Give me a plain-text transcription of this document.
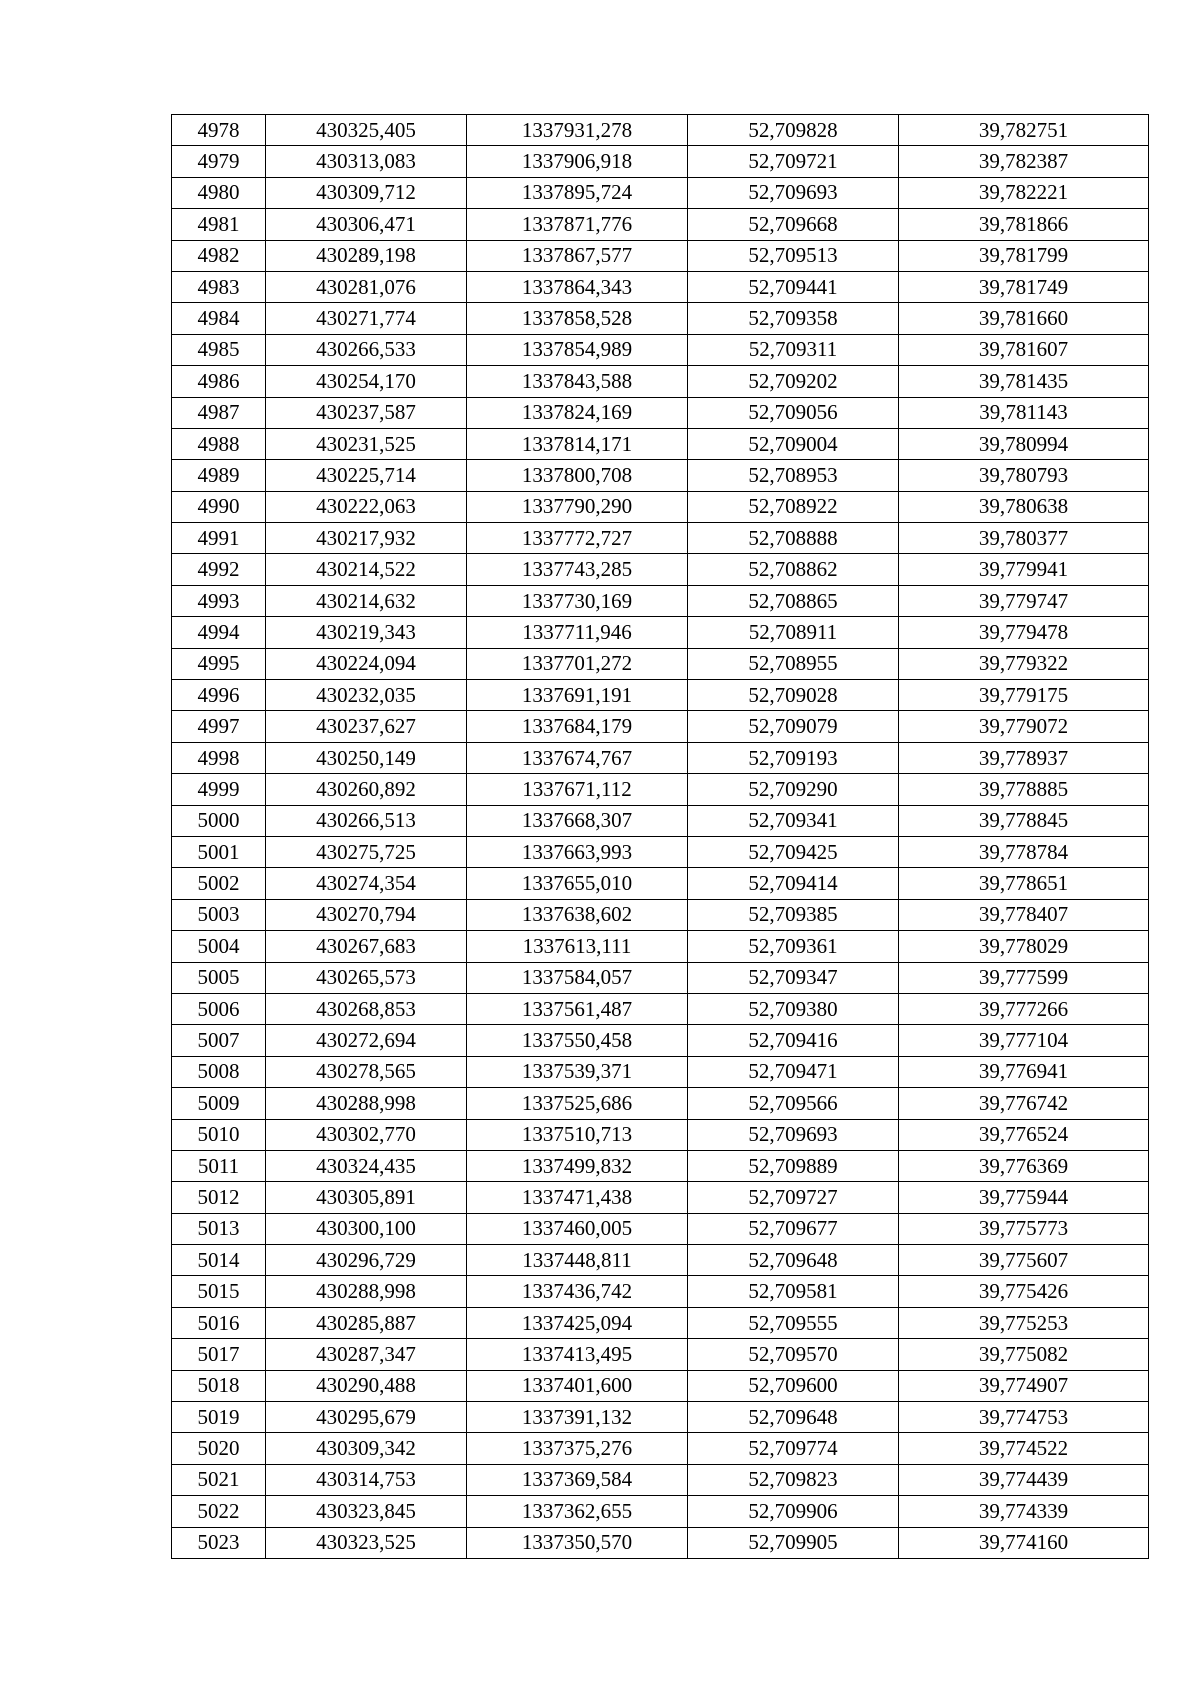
4978	430325,405	1337931,278	52,709828	39,782751
4979	430313,083	1337906,918	52,709721	39,782387
4980	430309,712	1337895,724	52,709693	39,782221
4981	430306,471	1337871,776	52,709668	39,781866
4982	430289,198	1337867,577	52,709513	39,781799
4983	430281,076	1337864,343	52,709441	39,781749
4984	430271,774	1337858,528	52,709358	39,781660
4985	430266,533	1337854,989	52,709311	39,781607
4986	430254,170	1337843,588	52,709202	39,781435
4987	430237,587	1337824,169	52,709056	39,781143
4988	430231,525	1337814,171	52,709004	39,780994
4989	430225,714	1337800,708	52,708953	39,780793
4990	430222,063	1337790,290	52,708922	39,780638
4991	430217,932	1337772,727	52,708888	39,780377
4992	430214,522	1337743,285	52,708862	39,779941
4993	430214,632	1337730,169	52,708865	39,779747
4994	430219,343	1337711,946	52,708911	39,779478
4995	430224,094	1337701,272	52,708955	39,779322
4996	430232,035	1337691,191	52,709028	39,779175
4997	430237,627	1337684,179	52,709079	39,779072
4998	430250,149	1337674,767	52,709193	39,778937
4999	430260,892	1337671,112	52,709290	39,778885
5000	430266,513	1337668,307	52,709341	39,778845
5001	430275,725	1337663,993	52,709425	39,778784
5002	430274,354	1337655,010	52,709414	39,778651
5003	430270,794	1337638,602	52,709385	39,778407
5004	430267,683	1337613,111	52,709361	39,778029
5005	430265,573	1337584,057	52,709347	39,777599
5006	430268,853	1337561,487	52,709380	39,777266
5007	430272,694	1337550,458	52,709416	39,777104
5008	430278,565	1337539,371	52,709471	39,776941
5009	430288,998	1337525,686	52,709566	39,776742
5010	430302,770	1337510,713	52,709693	39,776524
5011	430324,435	1337499,832	52,709889	39,776369
5012	430305,891	1337471,438	52,709727	39,775944
5013	430300,100	1337460,005	52,709677	39,775773
5014	430296,729	1337448,811	52,709648	39,775607
5015	430288,998	1337436,742	52,709581	39,775426
5016	430285,887	1337425,094	52,709555	39,775253
5017	430287,347	1337413,495	52,709570	39,775082
5018	430290,488	1337401,600	52,709600	39,774907
5019	430295,679	1337391,132	52,709648	39,774753
5020	430309,342	1337375,276	52,709774	39,774522
5021	430314,753	1337369,584	52,709823	39,774439
5022	430323,845	1337362,655	52,709906	39,774339
5023	430323,525	1337350,570	52,709905	39,774160
